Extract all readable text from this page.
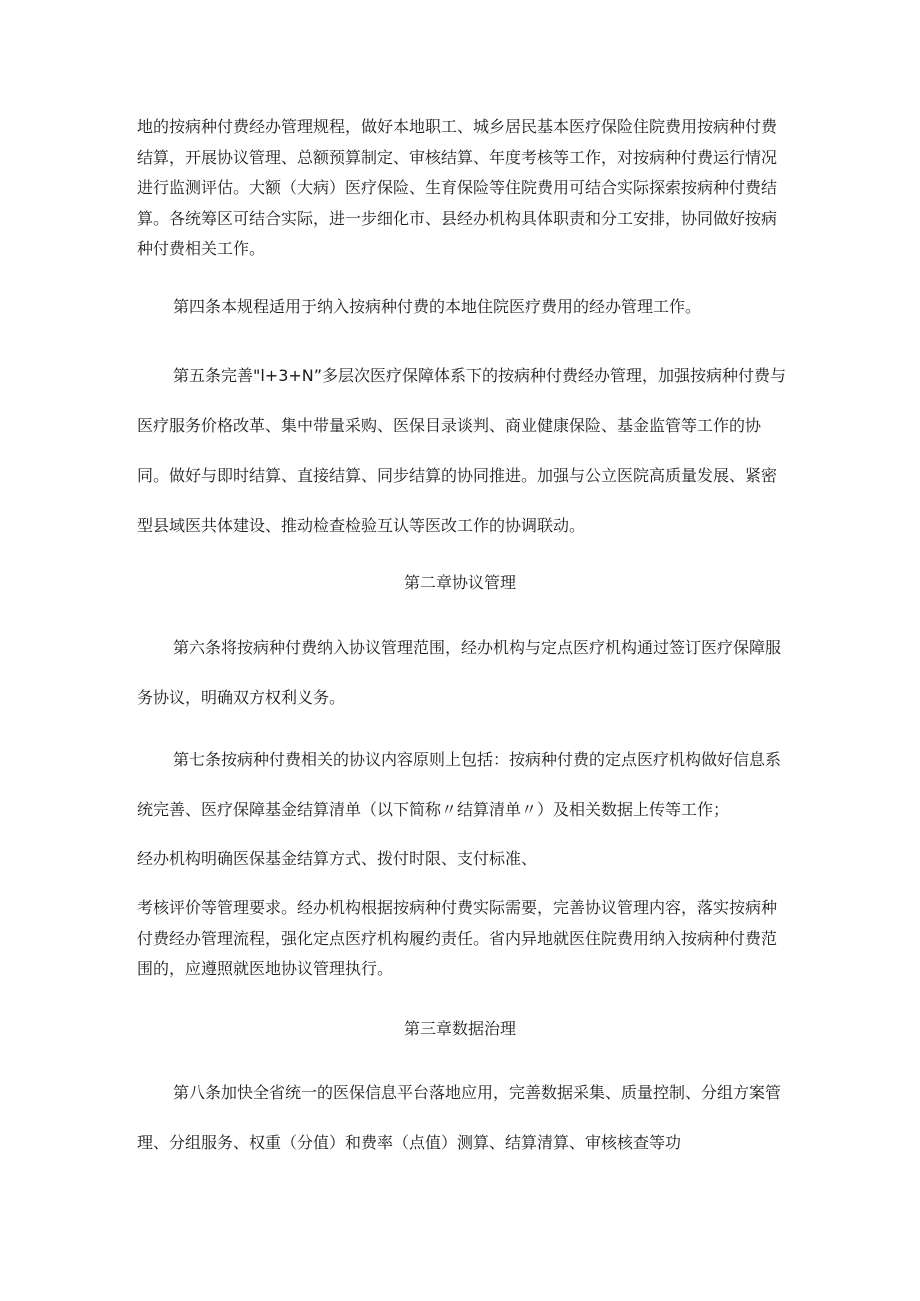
地的按病种付费经办管理规程，做好本地职工、城乡居民基本医疗保险住院费用按病种付费结算，开展协议管理、总额预算制定、审核结算、年度考核等工作，对按病种付费运行情况进行监测评估。大额（大病）医疗保险、生育保险等住院费用可结合实际探索按病种付费结算。各统筹区可结合实际，进一步细化市、县经办机构具体职责和分工安排，协同做好按病种付费相关工作。

第四条本规程适用于纳入按病种付费的本地住院医疗费用的经办管理工作。

第五条完善"l+3+N”多层次医疗保障体系下的按病种付费经办管理，加强按病种付费与医疗服务价格改革、集中带量采购、医保目录谈判、商业健康保险、基金监管等工作的协同。做好与即时结算、直接结算、同步结算的协同推进。加强与公立医院高质量发展、紧密型县域医共体建设、推动检查检验互认等医改工作的协调联动。

第二章协议管理

第六条将按病种付费纳入协议管理范围，经办机构与定点医疗机构通过签订医疗保障服务协议，明确双方权利义务。

第七条按病种付费相关的协议内容原则上包括：按病种付费的定点医疗机构做好信息系统完善、医疗保障基金结算清单（以下简称〃结算清单〃）及相关数据上传等工作；

经办机构明确医保基金结算方式、拨付时限、支付标准、

考核评价等管理要求。经办机构根据按病种付费实际需要，完善协议管理内容，落实按病种付费经办管理流程，强化定点医疗机构履约责任。省内异地就医住院费用纳入按病种付费范围的，应遵照就医地协议管理执行。

第三章数据治理

第八条加快全省统一的医保信息平台落地应用，完善数据采集、质量控制、分组方案管理、分组服务、权重（分值）和费率（点值）测算、结算清算、审核核查等功
